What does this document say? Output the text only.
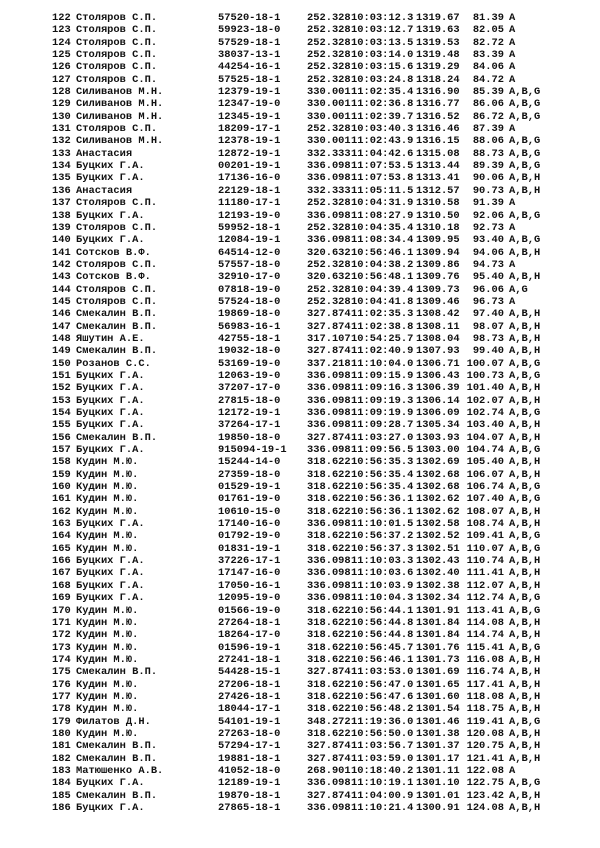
122 Столяров С.П.	57520-18-1	252.328 10:03:12.3 1319.67	81.39 A
123 Столяров С.П.	59923-18-0	252.328 10:03:12.7 1319.63	82.05 A
124 Столяров С.П.	57529-18-1	252.328 10:03:13.5 1319.53	82.72 A
125 Столяров С.П.	38037-13-1	252.328 10:03:14.0 1319.48	83.39 A
126 Столяров С.П.	44254-16-1	252.328 10:03:15.6 1319.29	84.06 A
127 Столяров С.П.	57525-18-1	252.328 10:03:24.8 1318.24	84.72 A
128 Силиванов М.Н.	12379-19-1	330.001 11:02:35.4 1316.90	85.39 A,B,G
129 Силиванов М.Н.	12347-19-0	330.001 11:02:36.8 1316.77	86.06 A,B,G
130 Силиванов М.Н.	12345-19-1	330.001 11:02:39.7 1316.52	86.72 A,B,G
131 Столяров С.П.	18209-17-1	252.328 10:03:40.3 1316.46	87.39 A
132 Силиванов М.Н.	12378-19-1	330.001 11:02:43.9 1316.15	88.06 A,B,G
133 Анастасия	12872-19-1	332.333 11:04:42.6 1315.08	88.73 A,B,G
134 Буцких Г.А.	00201-19-1	336.098 11:07:53.5 1313.44	89.39 A,B,G
135 Буцких Г.А.	17136-16-0	336.098 11:07:53.8 1313.41	90.06 A,B,H
136 Анастасия	22129-18-1	332.333 11:05:11.5 1312.57	90.73 A,B,H
137 Столяров С.П.	11180-17-1	252.328 10:04:31.9 1310.58	91.39 A
138 Буцких Г.А.	12193-19-0	336.098 11:08:27.9 1310.50	92.06 A,B,G
139 Столяров С.П.	59952-18-1	252.328 10:04:35.4 1310.18	92.73 A
140 Буцких Г.А.	12084-19-1	336.098 11:08:34.4 1309.95	93.40 A,B,G
141 Сотсков В.Ф.	64514-12-0	320.632 10:56:46.1 1309.94	94.06 A,B,H
142 Столяров С.П.	57557-18-0	252.328 10:04:38.2 1309.86	94.73 A
143 Сотсков В.Ф.	32910-17-0	320.632 10:56:48.1 1309.76	95.40 A,B,H
144 Столяров С.П.	07818-19-0	252.328 10:04:39.4 1309.73	96.06 A,G
145 Столяров С.П.	57524-18-0	252.328 10:04:41.8 1309.46	96.73 A
146 Смекалин В.П.	19869-18-0	327.874 11:02:35.3 1308.42	97.40 A,B,H
147 Смекалин В.П.	56983-16-1	327.874 11:02:38.8 1308.11	98.07 A,B,H
148 Яшутин А.Е.	42755-18-1	317.107 10:54:25.7 1308.04	98.73 A,B,H
149 Смекалин В.П.	19032-18-0	327.874 11:02:40.9 1307.93	99.40 A,B,H
150 Розанов С.С.	53169-19-0	337.218 11:10:04.0 1306.71 100.07 A,B,G
151 Буцких Г.А.	12063-19-0	336.098 11:09:15.9 1306.43 100.73 A,B,G
152 Буцких Г.А.	37207-17-0	336.098 11:09:16.3 1306.39 101.40 A,B,H
153 Буцких Г.А.	27815-18-0	336.098 11:09:19.3 1306.14 102.07 A,B,H
154 Буцких Г.А.	12172-19-1	336.098 11:09:19.9 1306.09 102.74 A,B,G
155 Буцких Г.А.	37264-17-1	336.098 11:09:28.7 1305.34 103.40 A,B,H
156 Смекалин В.П.	19850-18-0	327.874 11:03:27.0 1303.93 104.07 A,B,H
157 Буцких Г.А.	915094-19-1 336.098 11:09:56.5 1303.00 104.74 A,B,G
158 Кудин М.Ю.	15244-14-0	318.622 10:56:35.3 1302.69 105.40 A,B,H
159 Кудин М.Ю.	27359-18-0	318.622 10:56:35.4 1302.68 106.07 A,B,H
160 Кудин М.Ю.	01529-19-1	318.622 10:56:35.4 1302.68 106.74 A,B,G
161 Кудин М.Ю.	01761-19-0	318.622 10:56:36.1 1302.62 107.40 A,B,G
162 Кудин М.Ю.	10610-15-0	318.622 10:56:36.1 1302.62 108.07 A,B,H
163 Буцких Г.А.	17140-16-0	336.098 11:10:01.5 1302.58 108.74 A,B,H
164 Кудин М.Ю.	01792-19-0	318.622 10:56:37.2 1302.52 109.41 A,B,G
165 Кудин М.Ю.	01831-19-1	318.622 10:56:37.3 1302.51 110.07 A,B,G
166 Буцких Г.А.	37226-17-1	336.098 11:10:03.3 1302.43 110.74 A,B,H
167 Буцких Г.А.	17147-16-0	336.098 11:10:03.6 1302.40 111.41 A,B,H
168 Буцких Г.А.	17050-16-1	336.098 11:10:03.9 1302.38 112.07 A,B,H
169 Буцких Г.А.	12095-19-0	336.098 11:10:04.3 1302.34 112.74 A,B,G
170 Кудин М.Ю.	01566-19-0	318.622 10:56:44.1 1301.91 113.41 A,B,G
171 Кудин М.Ю.	27264-18-1	318.622 10:56:44.8 1301.84 114.08 A,B,H
172 Кудин М.Ю.	18264-17-0	318.622 10:56:44.8 1301.84 114.74 A,B,H
173 Кудин М.Ю.	01596-19-1	318.622 10:56:45.7 1301.76 115.41 A,B,G
174 Кудин М.Ю.	27241-18-1	318.622 10:56:46.1 1301.73 116.08 A,B,H
175 Смекалин В.П.	54428-15-1	327.874 11:03:53.0 1301.69 116.74 A,B,H
176 Кудин М.Ю.	27206-18-1	318.622 10:56:47.0 1301.65 117.41 A,B,H
177 Кудин М.Ю.	27426-18-1	318.622 10:56:47.6 1301.60 118.08 A,B,H
178 Кудин М.Ю.	18044-17-1	318.622 10:56:48.2 1301.54 118.75 A,B,H
179 Филатов Д.Н.	54101-19-1	348.272 11:19:36.0 1301.46 119.41 A,B,G
180 Кудин М.Ю.	27263-18-0	318.622 10:56:50.0 1301.38 120.08 A,B,H
181 Смекалин В.П.	57294-17-1	327.874 11:03:56.7 1301.37 120.75 A,B,H
182 Смекалин В.П.	19881-18-1	327.874 11:03:59.0 1301.17 121.41 A,B,H
183 Матюшенко А.В.	41052-18-0	268.901 10:18:40.2 1301.11 122.08 A
184 Буцких Г.А.	12189-19-1	336.098 11:10:19.1 1301.10 122.75 A,B,G
185 Смекалин В.П.	19870-18-1	327.874 11:04:00.9 1301.01 123.42 A,B,H
186 Буцких Г.А.	27865-18-1	336.098 11:10:21.4 1300.91 124.08 A,B,H
